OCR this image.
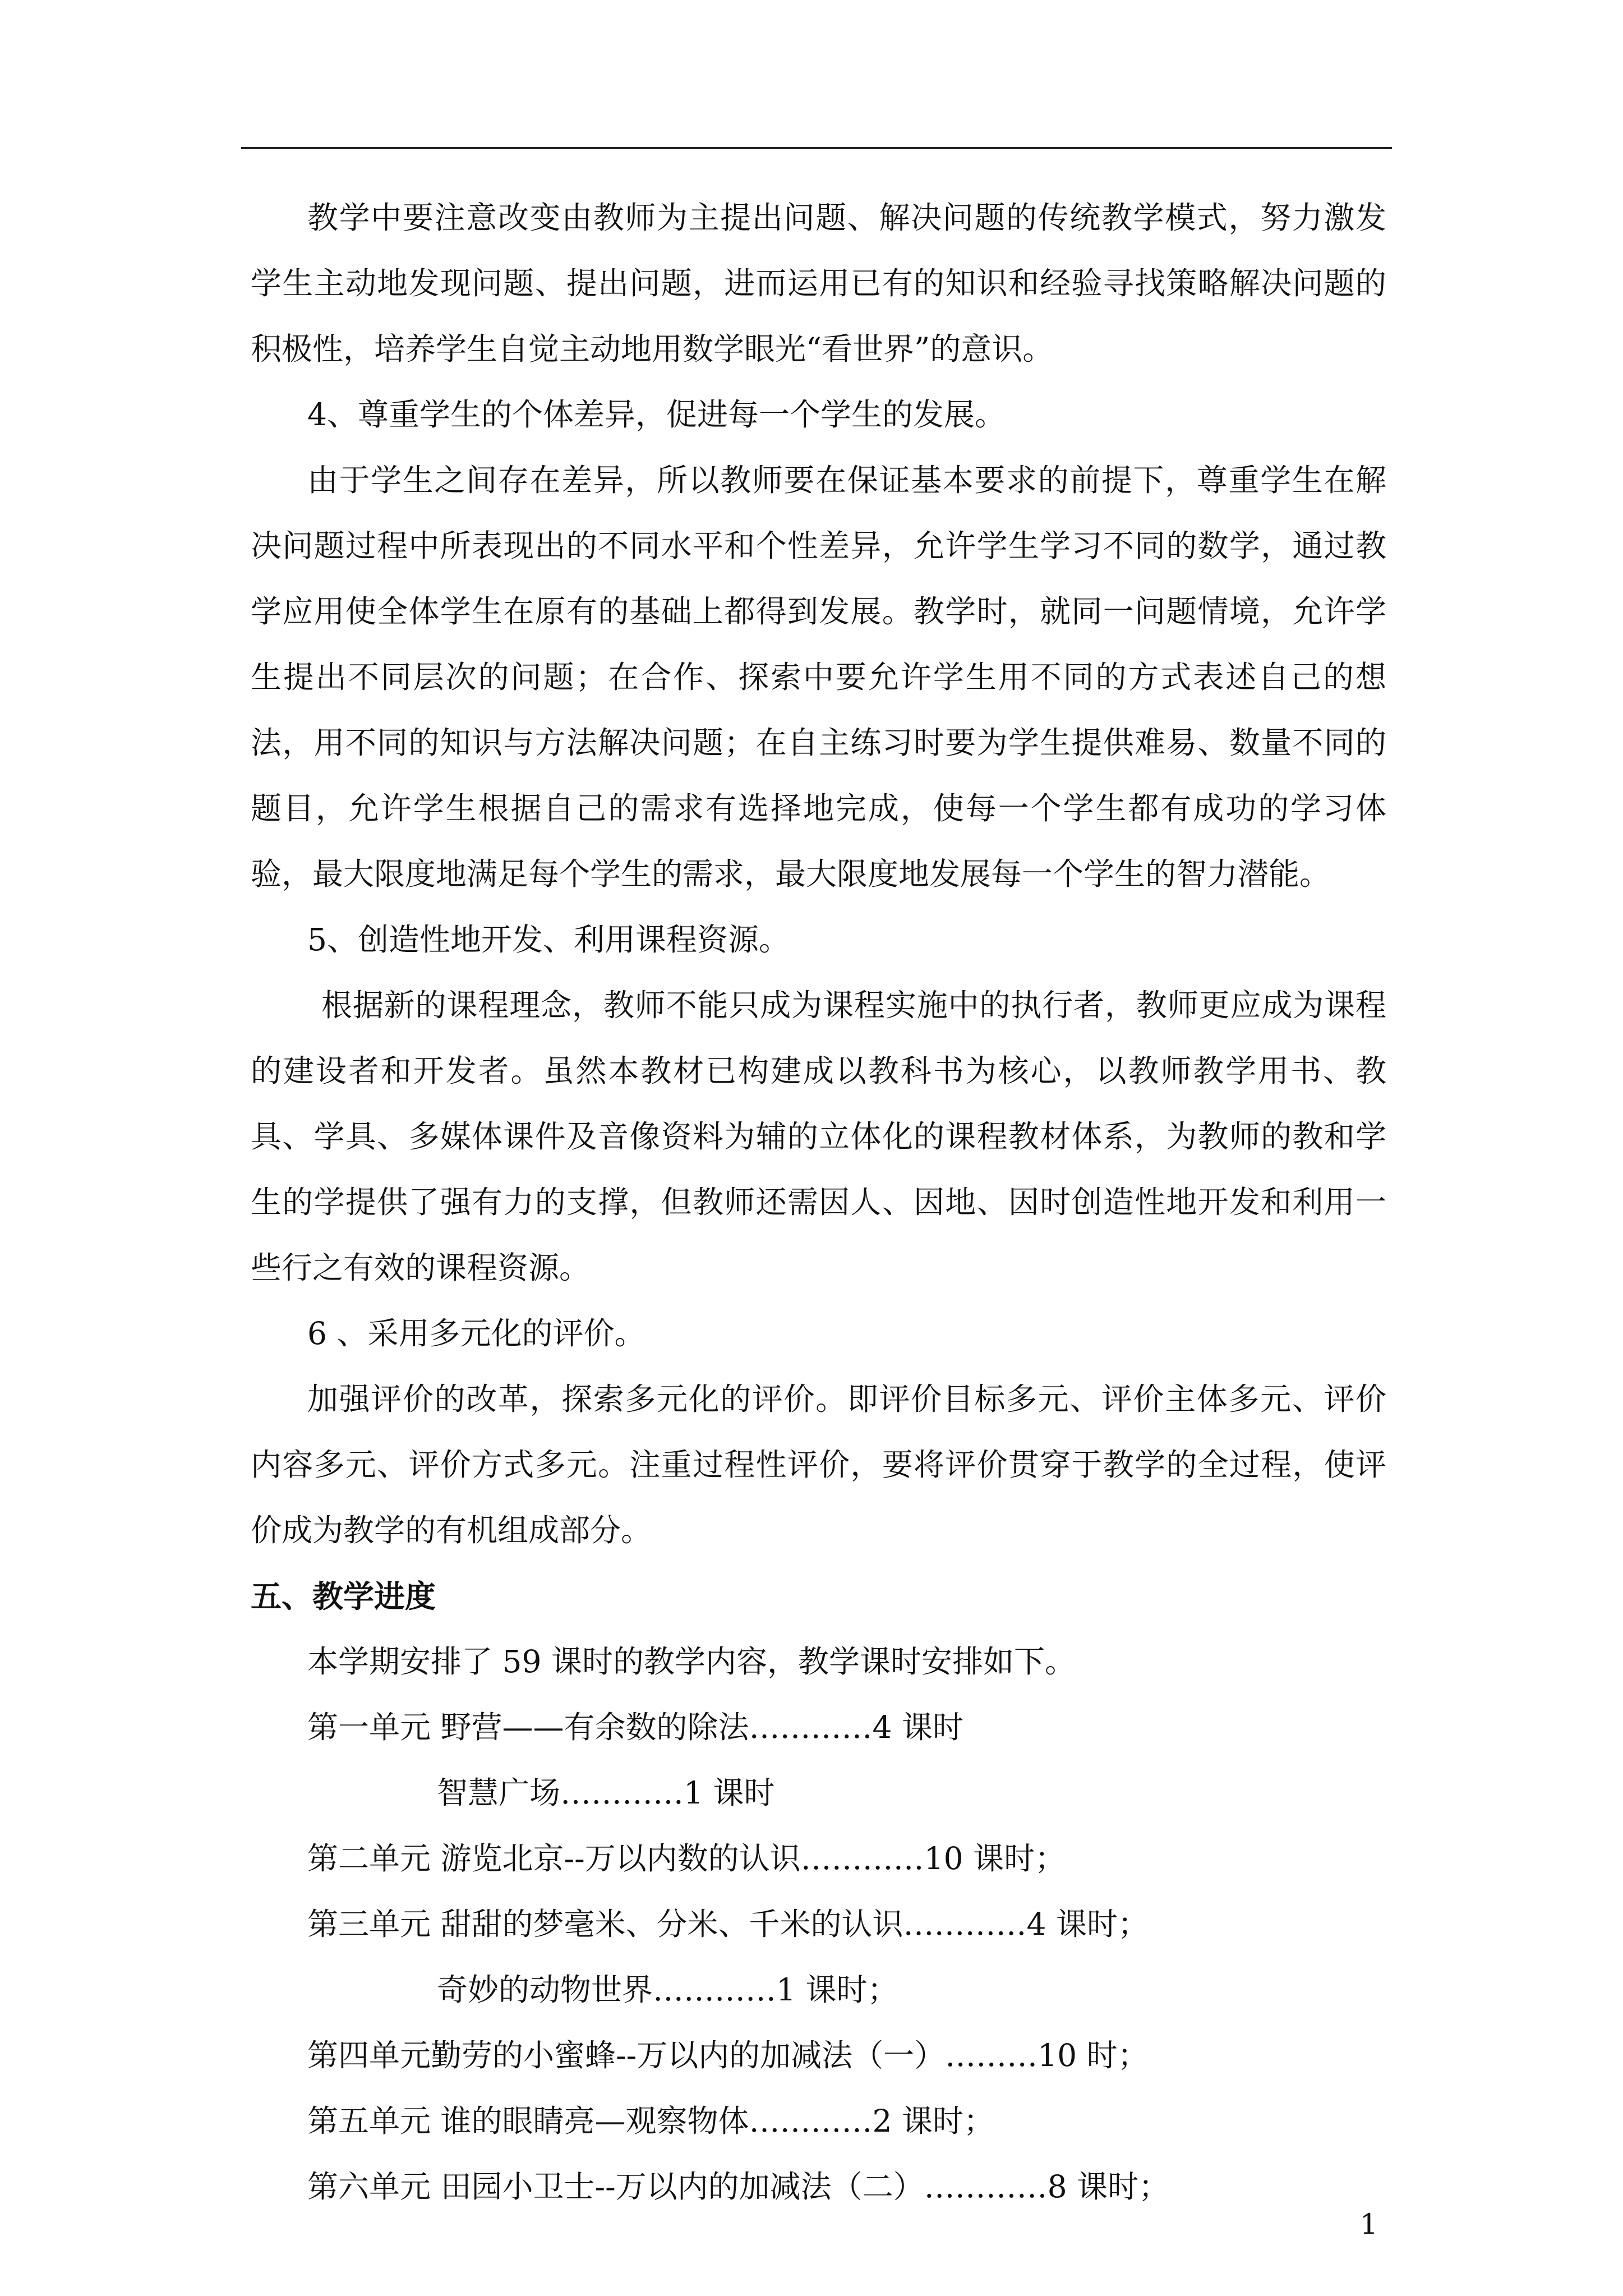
教学中要注意改变由教师为主提出问题、解决问题的传统教学模式，努力激发学生主动地发现问题、提出问题，进而运用已有的知识和经验寻找策略解决问题的积极性，培养学生自觉主动地用数学眼光“看世界”的意识。

4、尊重学生的个体差异，促进每一个学生的发展。

由于学生之间存在差异，所以教师要在保证基本要求的前提下，尊重学生在解决问题过程中所表现出的不同水平和个性差异，允许学生学习不同的数学，通过教学应用使全体学生在原有的基础上都得到发展。教学时，就同一问题情境，允许学生提出不同层次的问题；在合作、探索中要允许学生用不同的方式表述自己的想法，用不同的知识与方法解决问题；在自主练习时要为学生提供难易、数量不同的题目，允许学生根据自己的需求有选择地完成，使每一个学生都有成功的学习体验，最大限度地满足每个学生的需求，最大限度地发展每一个学生的智力潜能。

5、创造性地开发、利用课程资源。

根据新的课程理念，教师不能只成为课程实施中的执行者，教师更应成为课程的建设者和开发者。虽然本教材已构建成以教科书为核心，以教师教学用书、教具、学具、多媒体课件及音像资料为辅的立体化的课程教材体系，为教师的教和学生的学提供了强有力的支撑，但教师还需因人、因地、因时创造性地开发和利用一些行之有效的课程资源。

6 、采用多元化的评价。

加强评价的改革，探索多元化的评价。即评价目标多元、评价主体多元、评价内容多元、评价方式多元。注重过程性评价，要将评价贯穿于教学的全过程，使评价成为教学的有机组成部分。

五、教学进度

本学期安排了 59 课时的教学内容，教学课时安排如下。

第一单元 野营——有余数的除法…………4 课时

智慧广场…………1 课时

第二单元 游览北京--万以内数的认识…………10 课时；

第三单元 甜甜的梦毫米、分米、千米的认识…………4 课时；

奇妙的动物世界…………1 课时；

第四单元勤劳的小蜜蜂--万以内的加减法（一）………10 时；

第五单元 谁的眼睛亮—观察物体…………2 课时；

第六单元 田园小卫士--万以内的加减法（二）…………8 课时；

1
